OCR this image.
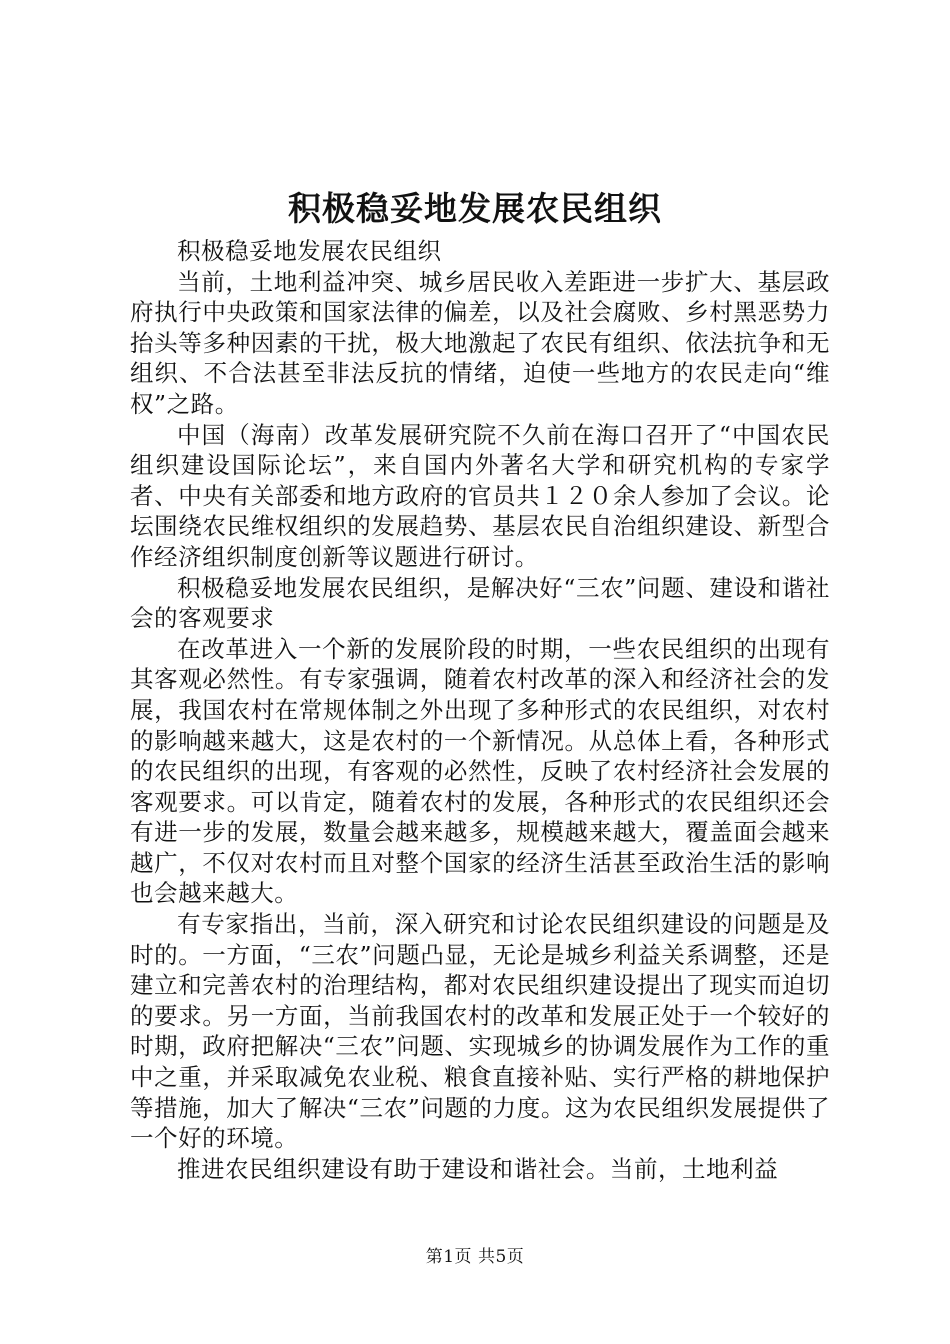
积极稳妥地发展农民组织

积极稳妥地发展农民组织

当前，土地利益冲突、城乡居民收入差距进一步扩大、基层政府执行中央政策和国家法律的偏差，以及社会腐败、乡村黑恶势力抬头等多种因素的干扰，极大地激起了农民有组织、依法抗争和无组织、不合法甚至非法反抗的情绪，迫使一些地方的农民走向“维权”之路。

中国（海南）改革发展研究院不久前在海口召开了“中国农民组织建设国际论坛”，来自国内外著名大学和研究机构的专家学者、中央有关部委和地方政府的官员共１２０余人参加了会议。论坛围绕农民维权组织的发展趋势、基层农民自治组织建设、新型合作经济组织制度创新等议题进行研讨。

积极稳妥地发展农民组织，是解决好“三农”问题、建设和谐社会的客观要求

在改革进入一个新的发展阶段的时期，一些农民组织的出现有其客观必然性。有专家强调，随着农村改革的深入和经济社会的发展，我国农村在常规体制之外出现了多种形式的农民组织，对农村的影响越来越大，这是农村的一个新情况。从总体上看，各种形式的农民组织的出现，有客观的必然性，反映了农村经济社会发展的客观要求。可以肯定，随着农村的发展，各种形式的农民组织还会有进一步的发展，数量会越来越多，规模越来越大，覆盖面会越来越广，不仅对农村而且对整个国家的经济生活甚至政治生活的影响也会越来越大。

有专家指出，当前，深入研究和讨论农民组织建设的问题是及时的。一方面，“三农”问题凸显，无论是城乡利益关系调整，还是建立和完善农村的治理结构，都对农民组织建设提出了现实而迫切的要求。另一方面，当前我国农村的改革和发展正处于一个较好的时期，政府把解决“三农”问题、实现城乡的协调发展作为工作的重中之重，并采取减免农业税、粮食直接补贴、实行严格的耕地保护等措施，加大了解决“三农”问题的力度。这为农民组织发展提供了一个好的环境。

推进农民组织建设有助于建设和谐社会。当前，土地利益

第1页 共5页
